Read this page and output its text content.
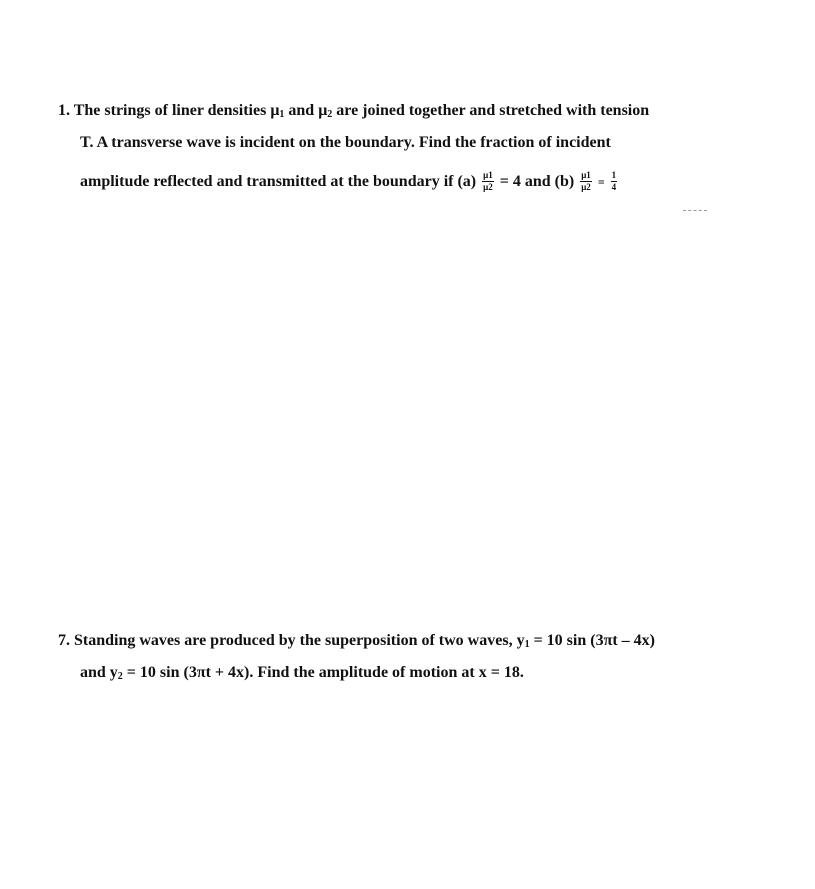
1. The strings of liner densities $\mu_1$ and $\mu_2$ are joined together and stretched with tension
T. A transverse wave is incident on the boundary. Find the fraction of incident
amplitude reflected and transmitted at the boundary if $(a) \frac{\mu 1}{\mu 2} = 4$ and $(b) \frac{\mu 1}{\mu 2} = \frac{1}{4}$
7. Standing waves are produced by the superposition of two waves, $y_1 = 10$ sin (3πt – 4x)
and $y_2 = 10$ sin (3πt + 4x). Find the amplitude of motion at x = 18.
